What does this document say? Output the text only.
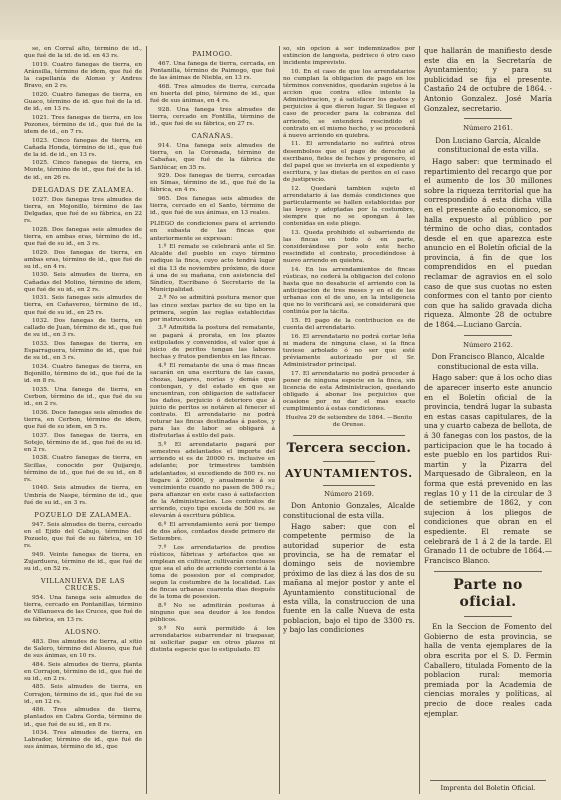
se, en Corral alto, término de id., que fué de la id. de id. en 43 rs.

1019. Cuatro fanegas de tierra, en Aránsilla, término de idem, que fué de la capellanía de Alonso y Andres Bravo, en 2 rs.

1020. Cuatro fanegas de tierra, en Guaco, término de id. que fué de la id. de id., en 13 rs.

1021. Tres fanegas de tierra, en los Pozones, término de id., que fué de la idem de id., en 7 rs.

1023. Cinco fanegas de tierra, en Cañada Honda, término de id., que fué de la id. de id., en 13 rs.

1025. Cinco fanegas de tierra, en Monte, término de id., que fué de la id. de id., en 26 rs.

DELGADAS DE ZALAMEA.

1027. Dos fanegas tres almudes de tierra, en Mojonillo, término de las Delgadas, que fué de su fábrica, en 22 rs.

1028. Dos fanegas seis almudes de tierra, en ambas eras, término de id., que fué de su id., en 3 rs.

1029. Dos fanegas de tierra, en ambas eras, término de id., que fué de su id., en 4 rs.

1030. Seis almudes de tierra, en Cañadas del Molino, término de idem, que fué de su id., en 2 rs.

1031. Seis fanegas seis almudes de tierra, en Cañavereo, término de id., que fué de su id., en 25 rs.

1032. Dos fanegas de tierra, en callado de Juan, término de id., que fué de su id., en 3 rs.

1033. Dos fanegas de tierra, en Esparraguera, término de id., que fué de su id., en 3 rs.

1034. Cuatro fanegas de tierra, en Bojonillo, término de id., que fué de la id. en 8 rs.

1035. Una fanega de tierra, en Cerbon, término de id., que fué de su id., en 2 rs.

1036. Doce fanegas seis almudes de tierra, en Cerbon, término de idem, que fué de su idem, en 5 rs.

1037. Dos fanegas de tierra, en Sotejo, término de id., que fué de su id. en 2 rs.

1038. Cuatro fanegas de tierra, en Sicillas, conocido por Quijarejo, término de id., que fué de su id., en 8 rs.

1040. Seis almudes de tierra, en Umbría de Naspe, término de id., que fué de su id., en 3 rs.

POZUELO DE ZALAMEA.

947. Seis almudes de tierra, cercado en el Ejido del Cabujo, término del Pozuelo, que fué de su fábrica, en 10 rs.

949. Veinte fanegas de tierra, en Zujarduera, término de id., que fué de su id., en 52 rs.

VILLANUEVA DE LAS CRUCES.

954. Una fanega seis almudes de tierra, cercado en Pontanillas, término de Villanueva de las Cruces, que fué de su fábrica, en 13 rs.

ALOSNO.

483. Dos almudes de tierra, al sitio de Salero, término del Alosno, que fué de sus ánimas, en 10 rs.

484. Seis almudes de tierra, planta en Corrajon, término de id., que fué de su id., en 2 rs.

485. Seis almudes de tierra, en Corrajon, término de id., que fué de su id., en 12 rs.

486. Tres almudes de tierra, plantados en Cabra Gorda, término de id., que fué de su id., en 8 rs.

1034. Tres almudes de tierra, en Labrador, término de id., que fué de sus ánimas, término de id., que

PAIMOGO.

467. Una fanega de tierra, cercada, en Pontanilla, término de Paimogo, que fué de las ánimas de Niebla, en 13 rs.

468. Tres almudes de tierra, cercada en huerta del pino, término de id., que fué de sus ánimas, en 4 rs.

928. Una fanega tres almudes de tierra, cercado en Fontilla, término de id., que fué de su fábrica, en 27 rs.

CAÑAÑAS.

914. Una fanega seis almudes de tierra, en la Coronada, término de Cabañas, que fué de la fábrica de Sanlúcar, en 35 rs.

929. Dos fanegas de tierra, cercadas en Simas, término de id., que fué de la fábrica, en 4 rs.

965. Dos fanegas seis almudes de tierra, cercado en el Santo, término de id., que fué de sus ánimas, en 13 reales.

PLIEGO de condiciones para el arriendo en subasta de las fincas que anteriormente se expresan:

1.º El remate se celebrará ante el Sr. Alcalde del pueblo en cuyo término radique la finca, cuyo acto tendrá lugar el dia 13 de noviembre próximo, de doce á una de su mañana, con asistencia del Síndico, Escribano ó Secretario de la Municipalidad.

2.º No se admitirá postura menor que las cinco sextas partes de su tipo en la primera, según las reglas establecidas por instruccion.

3.º Admitida la postura del rematante, se pagará á prorata, en los plazos estipulados y convenidos, el valor que á juicio de peritos tengan las labores hechas y frutos pendientes en las fincas.

4.º El rematante de una ó mas fincas sacarán en una escritura de las casas, chozas, lagares, norias y demás que contengan, y del estado en que se encuentran, con obligacion de satisfacer los daños, perjuicio ó deterioro que á juicio de peritos se notáren al fenecer el contrato. El arrendatario no podrá roturar las fincas destinadas á pastos, y para las de labor se obligará á disfrutarlas á estilo del pais.

5.º El arrendatario pagará por semestres adelantados el importe del arriendo si es de 20000 rs. inclusive en adelante; por trimestres también adelantados, si excediendo de 500 rs. no llegare á 20000, y anualmente á su vencimiento cuando no pasen de 500 rs.; para afianzar en este caso á satisfaccion de la Administracion. Los contratos de arriendo, cuyo tipo exceda de 500 rs. se elevarán á escritura pública.

6.º El arrendamiento será por tiempo de dos años, contados desde primero de Setiembre.

7.º Los arrendatarios de predios rústicos, fábricas y artefactos que se emplean en cultivar, cultivarán conclusos que sea el año de arriendo corriente á la toma de posesion por el comprador, segun la costumbre de la localidad. Las de fincas urbanas cuarenta dias después de la toma de posesion.

8.º No se admitirán posturas á ninguno que sea deudor á los fondos públicos.

9.º No será permitido á los arrendatarios subarrendar ni traspasar, ni solicitar pagar en otros plazos ni distinta especie que lo estipulado. El

so, sin opcion á ser indemnizados por extincion de langosta, pedrisco ó otro caso incidente imprevisto.

10. En el caso de que los arrendatarios no cumplan la obligacion de pago en los términos convenidos, quedarán sujetos á la accion que contra ellos intente la Administracion, y á satisfacer los gastos y perjuicios á que dieren lugar. Si llegase el caso de proceder para la cobranza del arriendo, se entenderá rescindido el contrato en el mismo hecho, y se procederá á nuevo arriendo en quiebra.

11. El arrendatario no sufrirá otros desembolsos que el pago de derecho al escribano, fieles de fechos y pregonero, el del papel que se invierta en el expediente y escritura, y las dietas de peritos en el caso de justiprecio.

12. Quedará tambien sujeto el arrendatario á las demás condiciones que particularmente se hallen establecidas por las leyes y adoptadas por la costumbre, siempre que no se opongan á las contenidas en este pliego.

13. Queda prohibido el subarriendo de las fincas en todo ó en parte, considerándose por solo este hecho rescindido el contrato, procediéndose á nuevo arriendo en quiebra.

14. En los arrendamientos de fincas rústicas, no cederá la obligacion del colono hasta que no desahucie el arriendo con la anticipacion de tres meses y en el de las urbanas con el de uno, en la inteligencia que no lo verificará así, se considerará que continúa por la tácita.

15. El pago de la contribucion es de cuenta del arrendatario.

16. El arrendatario no podrá cortar leña ni madera de ninguna clase, si la finca tuviese arbolado ó no ser que esté préviamente autorizado por el Sr. Administrador principal.

17. El arrendatario no podrá proceder á poner de ninguna especie en la finca, sin licencia de esta Administracion, quedando obligado á abonar los perjuicios que ocasione por no dar el mas exacto cumplimiento á estas condiciones.

Huelva 29 de setiembre de 1864. —Benito de Orense.

Tercera seccion.
AYUNTAMIENTOS.

Número 2169.

Don Antonio Gonzales, Alcalde constitucional de esta villa.

Hago saber: que con el competente permiso de la autoridad superior de esta provincia, se ha de rematar el domingo seis de noviembre próximo de las diez á las dos de su mañana al mejor postor y ante el Ayuntamiento constitucional de esta villa, la construccion de una fuente en la calle Nueva de esta poblacion, bajo el tipo de 3300 rs. y bajo las condiciones

que hallarán de manifiesto desde este dia en la Secretaría de Ayuntamiento; y para su publicidad se fija el presente. Castaño 24 de octubre de 1864. -Antonio Gonzalez. José María Gonzalez, secretario.

Número 2161.

Don Luciano García, Alcalde constitucional de esta villa.

Hago saber: que terminado el repartimiento del recargo que por el aumento de los 30 millones sobre la riqueza territorial que ha correspondido á esta dicha villa en el presente año economico, se halla expuesto al público por término de ocho dias, contados desde el en que aparezca este anuncio en el Boletín oficial de la provincia, á fin de que los comprendidos en el puedan reclamar de agravios en el solo caso de que sus cuotas no esten conformes con el tanto por ciento con que ha salido gravada dicha riqueza. Almonte 28 de octubre de 1864.—Luciano García.

Número 2162.

Don Francisco Blanco, Alcalde constitucional de esta villa.

Hago saber: que á los ocho dias de aparecer inserto este anuncio en el Boletín oficial de la provincia, tendrá lugar la subasta en estas casas capitulares, de la una y cuarto cabeza de bellota, de á 30 fanegas con los pastos, de la participacion que le ha tocado á este pueblo en los partidos Rui-martin y la Pizarra del Marquesado de Gibraleon, en la forma que está prevenido en las reglas 10 y 11 de la circular de 3 de setiembre de 1862, y con sujecion á los pliegos de condiciones que obran en el espediente. El remate se celebrará de 1 á 2 de la tarde. El Granado 11 de octubre de 1864.—Francisco Blanco.

Parte no oficial.

En la Seccion de Fomento del Gobierno de esta provincia, se halla de venta ejemplares de la obra escrita por el S. D. Fermin Caballero, titulada Fomento de la poblacion rural: memoria premiada por la Academia de ciencias morales y políticas, al precio de doce reales cada ejemplar.

Imprenta del Boletin Oficial.
